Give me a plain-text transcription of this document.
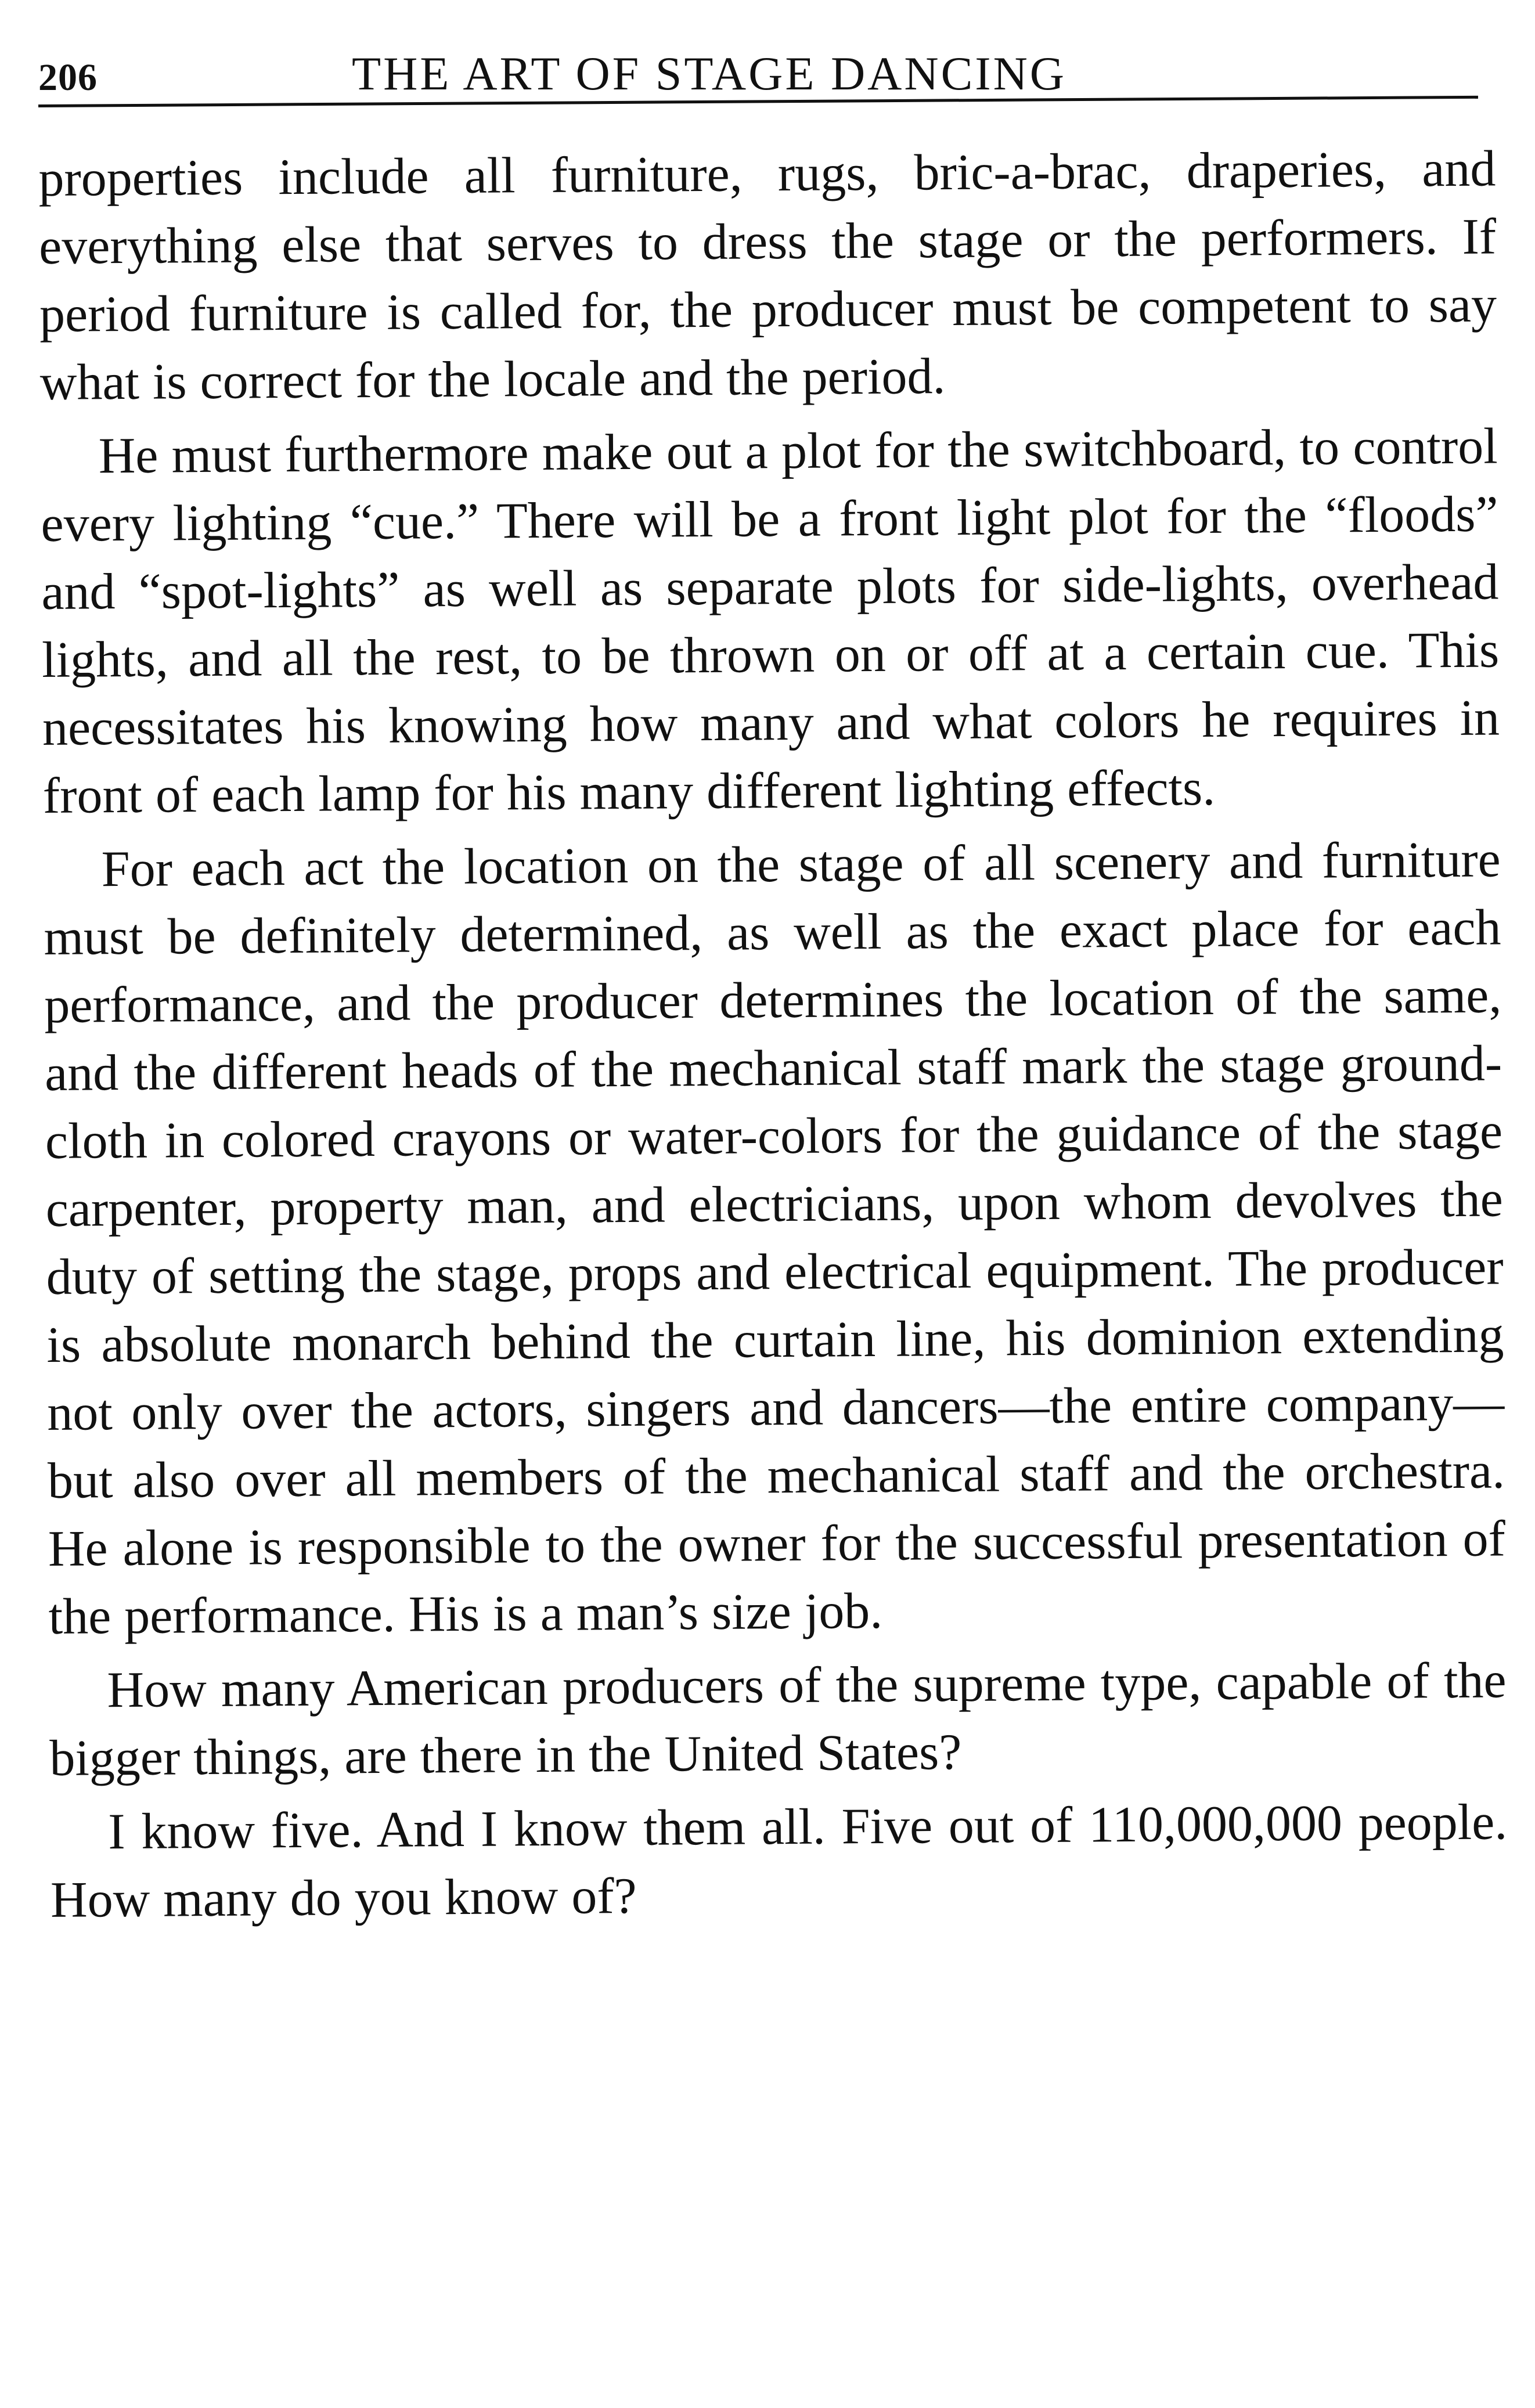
206	THE ART OF STAGE DANCING

properties include all furniture, rugs, bric-a-brac, draperies, and everything else that serves to dress the stage or the performers. If period furniture is called for, the producer must be competent to say what is correct for the locale and the period.

He must furthermore make out a plot for the switchboard, to control every lighting “cue.” There will be a front light plot for the “floods” and “spot-lights” as well as separate plots for side-lights, overhead lights, and all the rest, to be thrown on or off at a certain cue. This necessitates his knowing how many and what colors he requires in front of each lamp for his many different lighting effects.

For each act the location on the stage of all scenery and furniture must be definitely determined, as well as the exact place for each performance, and the producer determines the location of the same, and the different heads of the mechanical staff mark the stage ground-cloth in colored crayons or water-colors for the guidance of the stage carpenter, property man, and electricians, upon whom devolves the duty of setting the stage, props and electrical equipment. The producer is absolute monarch behind the curtain line, his dominion extending not only over the actors, singers and dancers—the entire company—but also over all members of the mechanical staff and the orchestra. He alone is responsible to the owner for the successful presentation of the performance. His is a man’s size job.

How many American producers of the supreme type, capable of the bigger things, are there in the United States?

I know five. And I know them all. Five out of 110,000,000 people. How many do you know of?
